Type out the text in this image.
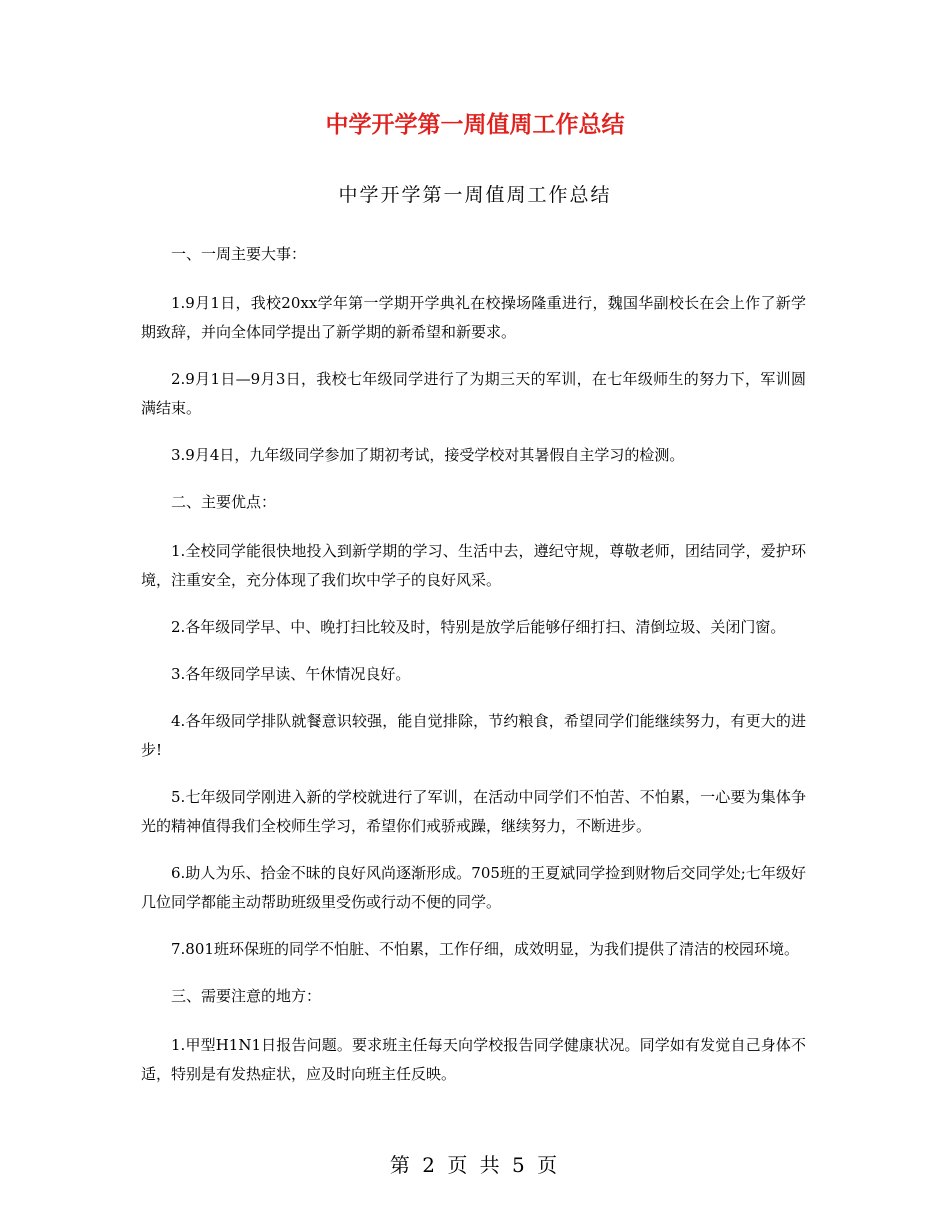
中学开学第一周值周工作总结
中学开学第一周值周工作总结

一、一周主要大事：

1.9月1日，我校20xx学年第一学期开学典礼在校操场隆重进行，魏国华副校长在会上作了新学期致辞，并向全体同学提出了新学期的新希望和新要求。

2.9月1日—9月3日，我校七年级同学进行了为期三天的军训，在七年级师生的努力下，军训圆满结束。

3.9月4日，九年级同学参加了期初考试，接受学校对其暑假自主学习的检测。

二、主要优点：

1.全校同学能很快地投入到新学期的学习、生活中去，遵纪守规，尊敬老师，团结同学，爱护环境，注重安全，充分体现了我们坎中学子的良好风采。

2.各年级同学早、中、晚打扫比较及时，特别是放学后能够仔细打扫、清倒垃圾、关闭门窗。

3.各年级同学早读、午休情况良好。

4.各年级同学排队就餐意识较强，能自觉排除，节约粮食，希望同学们能继续努力，有更大的进步!

5.七年级同学刚进入新的学校就进行了军训，在活动中同学们不怕苦、不怕累，一心要为集体争光的精神值得我们全校师生学习，希望你们戒骄戒躁，继续努力，不断进步。

6.助人为乐、拾金不昧的良好风尚逐渐形成。705班的王夏斌同学捡到财物后交同学处;七年级好几位同学都能主动帮助班级里受伤或行动不便的同学。

7.801班环保班的同学不怕脏、不怕累，工作仔细，成效明显，为我们提供了清洁的校园环境。

三、需要注意的地方：

1.甲型H1N1日报告问题。要求班主任每天向学校报告同学健康状况。同学如有发觉自己身体不适，特别是有发热症状，应及时向班主任反映。

第 2 页 共 5 页
